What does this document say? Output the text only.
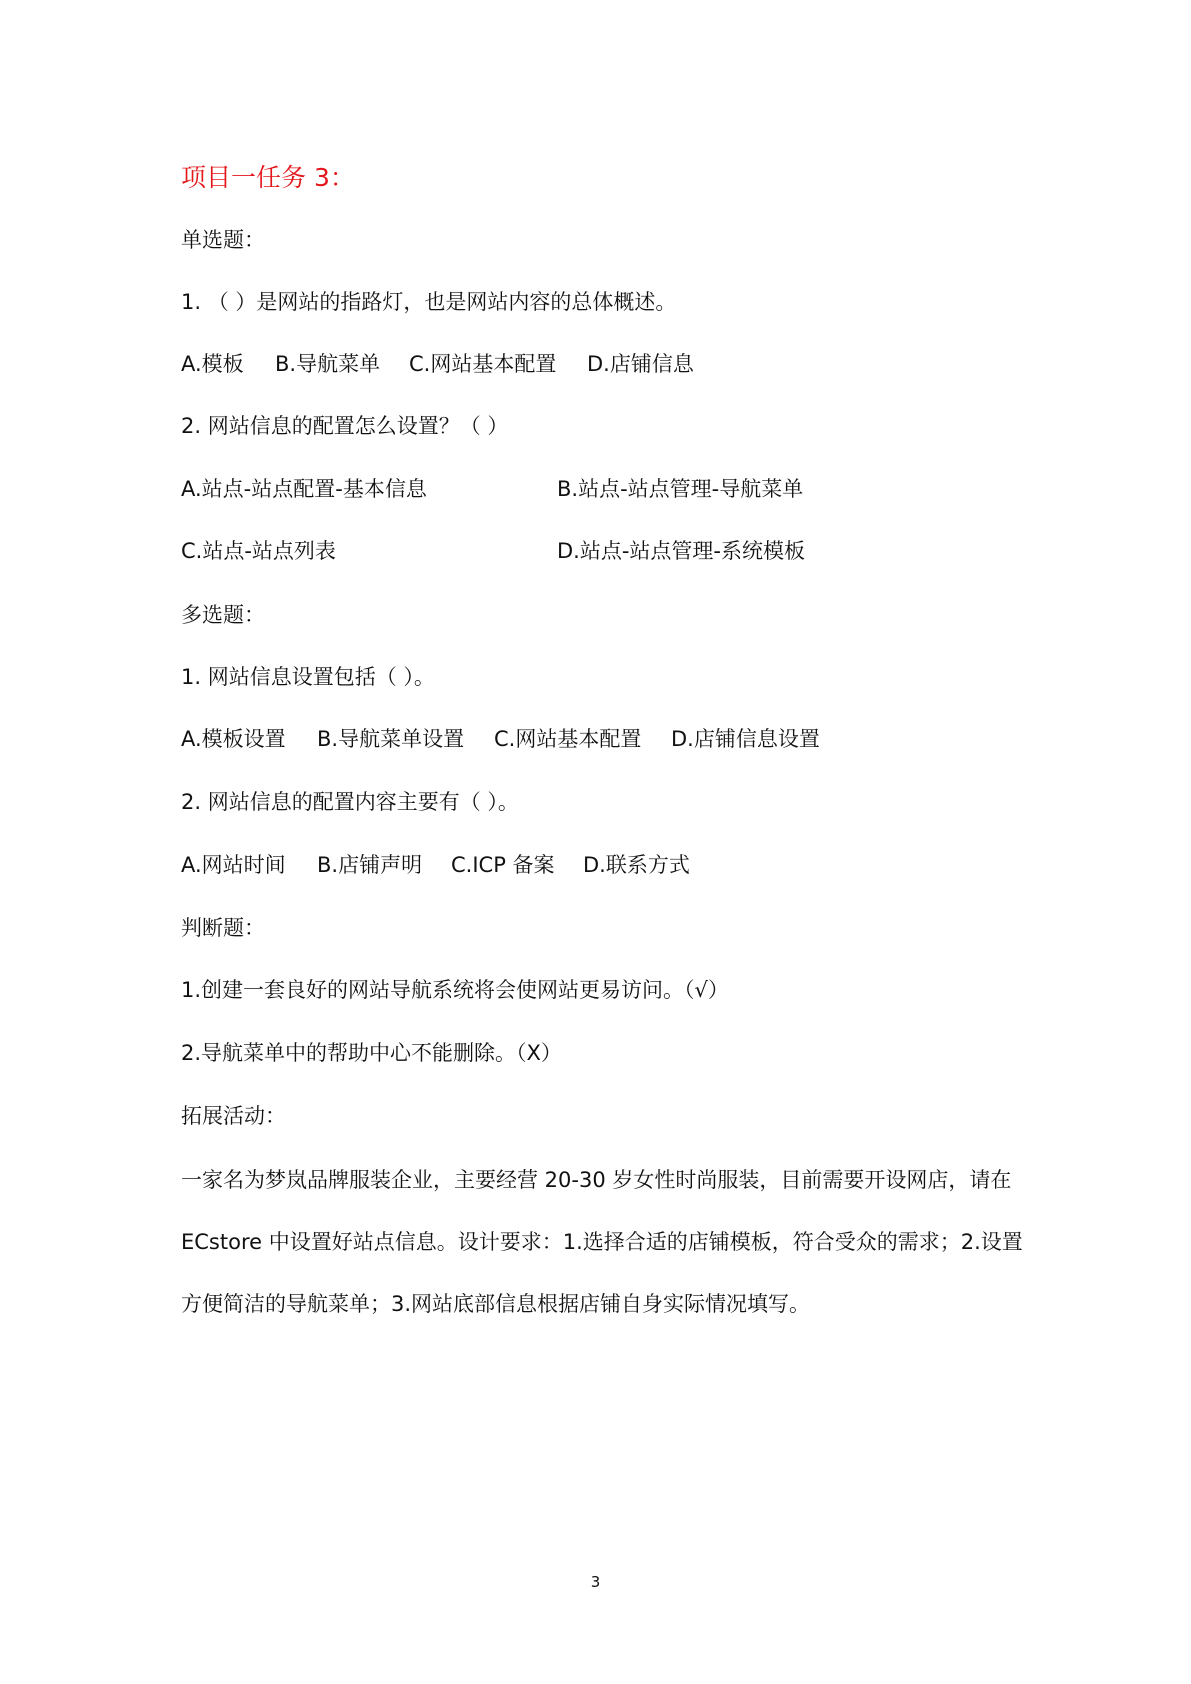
项目一任务 3：
单选题：
1. （ ）是网站的指路灯，也是网站内容的总体概述。
A.模板 B.导航菜单 C.网站基本配置 D.店铺信息
2. 网站信息的配置怎么设置？（ ）
A.站点-站点配置-基本信息	B.站点-站点管理-导航菜单
C.站点-站点列表	D.站点-站点管理-系统模板
多选题：
1. 网站信息设置包括（ ）。
A.模板设置 B.导航菜单设置 C.网站基本配置 D.店铺信息设置
2. 网站信息的配置内容主要有（ ）。
A.网站时间 B.店铺声明 C.ICP 备案 D.联系方式
判断题：
1.创建一套良好的网站导航系统将会使网站更易访问。（√）
2.导航菜单中的帮助中心不能删除。（X）
拓展活动：
一家名为梦岚品牌服装企业，主要经营 20-30 岁女性时尚服装，目前需要开设网店，请在
ECstore 中设置好站点信息。设计要求：1.选择合适的店铺模板，符合受众的需求；2.设置
方便简洁的导航菜单；3.网站底部信息根据店铺自身实际情况填写。
3
